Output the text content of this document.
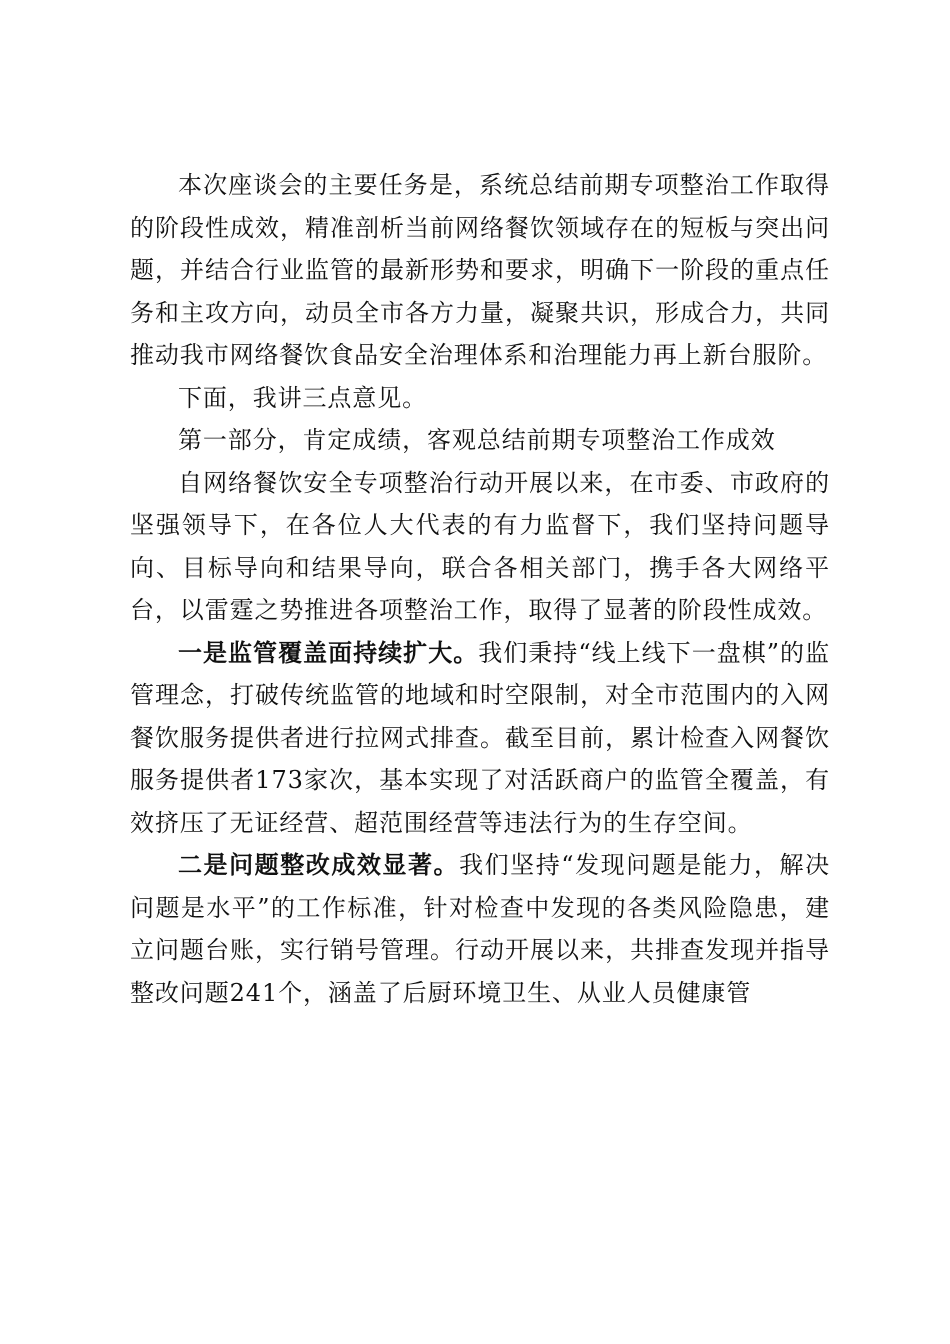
本次座谈会的主要任务是，系统总结前期专项整治工作取得的阶段性成效，精准剖析当前网络餐饮领域存在的短板与突出问题，并结合行业监管的最新形势和要求，明确下一阶段的重点任务和主攻方向，动员全市各方力量，凝聚共识，形成合力，共同推动我市网络餐饮食品安全治理体系和治理能力再上新台服阶。

下面，我讲三点意见。

第一部分，肯定成绩，客观总结前期专项整治工作成效

自网络餐饮安全专项整治行动开展以来，在市委、市政府的坚强领导下，在各位人大代表的有力监督下，我们坚持问题导向、目标导向和结果导向，联合各相关部门，携手各大网络平台，以雷霆之势推进各项整治工作，取得了显著的阶段性成效。

一是监管覆盖面持续扩大。我们秉持“线上线下一盘棋”的监管理念，打破传统监管的地域和时空限制，对全市范围内的入网餐饮服务提供者进行拉网式排查。截至目前，累计检查入网餐饮服务提供者173家次，基本实现了对活跃商户的监管全覆盖，有效挤压了无证经营、超范围经营等违法行为的生存空间。

二是问题整改成效显著。我们坚持“发现问题是能力，解决问题是水平”的工作标准，针对检查中发现的各类风险隐患，建立问题台账，实行销号管理。行动开展以来，共排查发现并指导整改问题241个，涵盖了后厨环境卫生、从业人员健康管
